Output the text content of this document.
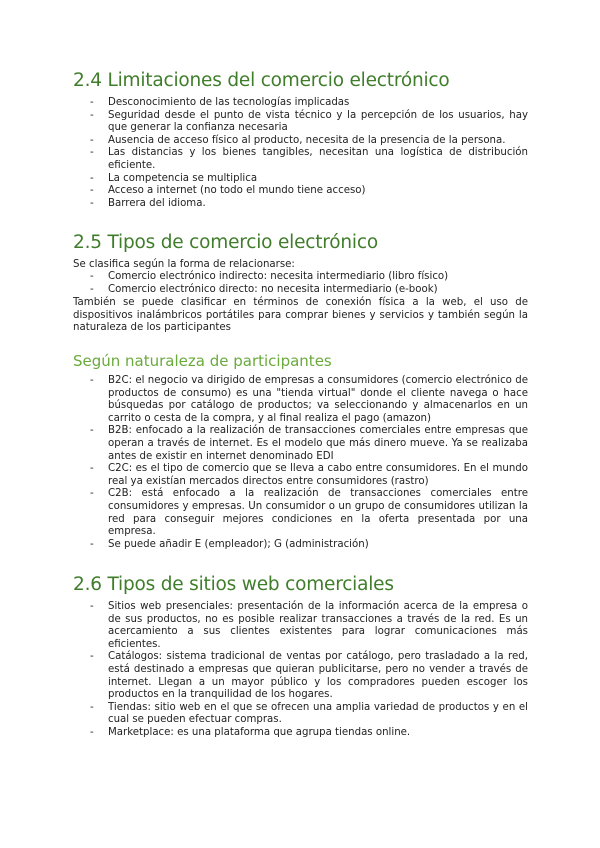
2.4 Limitaciones del comercio electrónico
- Desconocimiento de las tecnologías implicadas
- Seguridad desde el punto de vista técnico y la percepción de los usuarios, hay que generar la confianza necesaria
- Ausencia de acceso físico al producto, necesita de la presencia de la persona.
- Las distancias y los bienes tangibles, necesitan una logística de distribución eficiente.
- La competencia se multiplica
- Acceso a internet (no todo el mundo tiene acceso)
- Barrera del idioma.
2.5 Tipos de comercio electrónico

Se clasifica según la forma de relacionarse:

- Comercio electrónico indirecto: necesita intermediario (libro físico)
- Comercio electrónico directo: no necesita intermediario (e-book)

También se puede clasificar en términos de conexión física a la web, el uso de dispositivos inalámbricos portátiles para comprar bienes y servicios y también según la naturaleza de los participantes

Según naturaleza de participantes
- B2C: el negocio va dirigido de empresas a consumidores (comercio electrónico de productos de consumo) es una "tienda virtual" donde el cliente navega o hace búsquedas por catálogo de productos; va seleccionando y almacenarlos en un carrito o cesta de la compra, y al final realiza el pago (amazon)
- B2B: enfocado a la realización de transacciones comerciales entre empresas que operan a través de internet. Es el modelo que más dinero mueve. Ya se realizaba antes de existir en internet denominado EDI
- C2C: es el tipo de comercio que se lleva a cabo entre consumidores. En el mundo real ya existían mercados directos entre consumidores (rastro)
- C2B: está enfocado a la realización de transacciones comerciales entre consumidores y empresas. Un consumidor o un grupo de consumidores utilizan la red para conseguir mejores condiciones en la oferta presentada por una empresa.
- Se puede añadir E (empleador); G (administración)
2.6 Tipos de sitios web comerciales
- Sitios web presenciales: presentación de la información acerca de la empresa o de sus productos, no es posible realizar transacciones a través de la red. Es un acercamiento a sus clientes existentes para lograr comunicaciones más eficientes.
- Catálogos: sistema tradicional de ventas por catálogo, pero trasladado a la red, está destinado a empresas que quieran publicitarse, pero no vender a través de internet. Llegan a un mayor público y los compradores pueden escoger los productos en la tranquilidad de los hogares.
- Tiendas: sitio web en el que se ofrecen una amplia variedad de productos y en el cual se pueden efectuar compras.
- Marketplace: es una plataforma que agrupa tiendas online.
